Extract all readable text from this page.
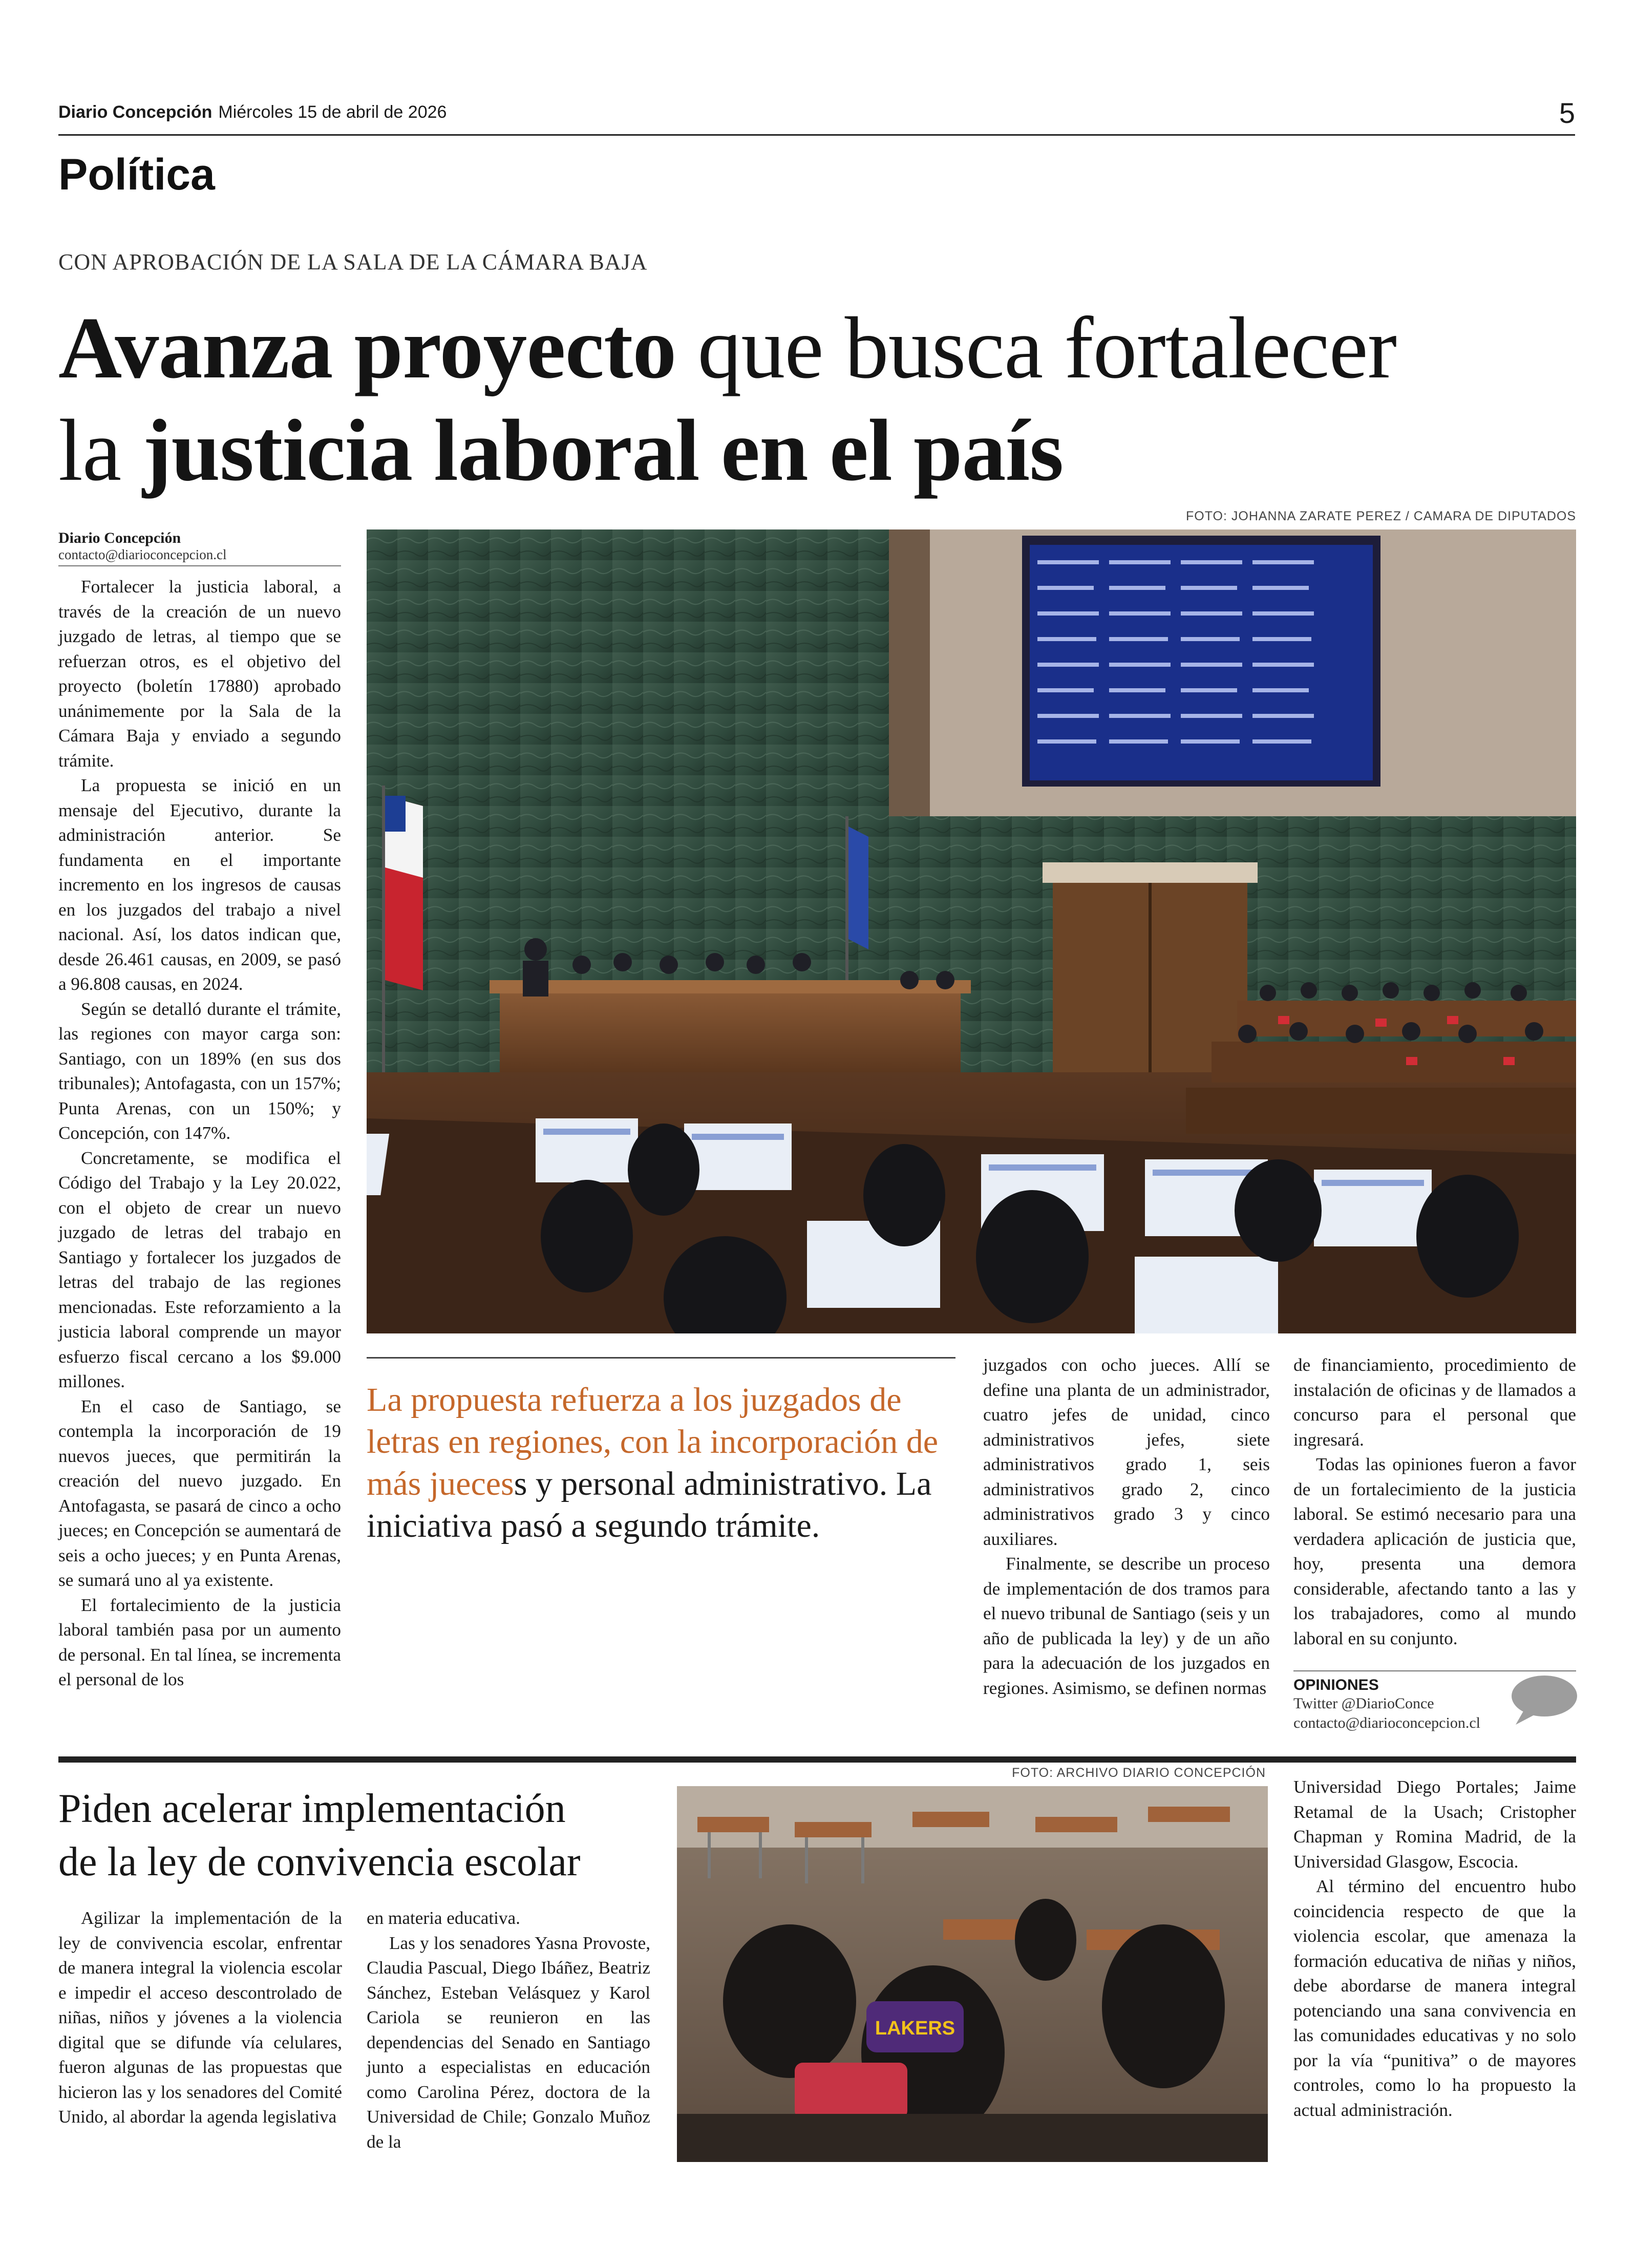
Diario Concepción Miércoles 15 de abril de 2026	5
Política
CON APROBACIÓN DE LA SALA DE LA CÁMARA BAJA
Avanza proyecto que busca fortalecer
la justicia laboral en el país
Diario Concepción
contacto@diarioconcepcion.cl

Fortalecer la justicia laboral, a través de la creación de un nuevo juzgado de letras, al tiempo que se refuerzan otros, es el objetivo del proyecto (boletín 17880) aprobado unánimemente por la Sala de la Cámara Baja y enviado a segundo trámite.

La propuesta se inició en un mensaje del Ejecutivo, durante la administración anterior. Se fundamenta en el importante incremento en los ingresos de causas en los juzgados del trabajo a nivel nacional. Así, los datos indican que, desde 26.461 causas, en 2009, se pasó a 96.808 causas, en 2024.

Según se detalló durante el trámite, las regiones con mayor carga son: Santiago, con un 189% (en sus dos tribunales); Antofagasta, con un 157%; Punta Arenas, con un 150%; y Concepción, con 147%.

Concretamente, se modifica el Código del Trabajo y la Ley 20.022, con el objeto de crear un nuevo juzgado de letras del trabajo en Santiago y fortalecer los juzgados de letras del trabajo de las regiones mencionadas. Este reforzamiento a la justicia laboral comprende un mayor esfuerzo fiscal cercano a los $9.000 millones.

En el caso de Santiago, se contempla la incorporación de 19 nuevos jueces, que permitirán la creación del nuevo juzgado. En Antofagasta, se pasará de cinco a ocho jueces; en Concepción se aumentará de seis a ocho jueces; y en Punta Arenas, se sumará uno al ya existente.

El fortalecimiento de la justicia laboral también pasa por un aumento de personal. En tal línea, se incrementa el personal de los

FOTO: JOHANNA ZARATE PEREZ / CAMARA DE DIPUTADOS
La propuesta refuerza a los juzgados de letras en regiones, con la incorporación de más juecess y personal administrativo. La iniciativa pasó a segundo trámite.

juzgados con ocho jueces. Allí se define una planta de un administrador, cuatro jefes de unidad, cinco administrativos jefes, siete administrativos grado 1, seis administrativos grado 2, cinco administrativos grado 3 y cinco auxiliares.

Finalmente, se describe un proceso de implementación de dos tramos para el nuevo tribunal de Santiago (seis y un año de publicada la ley) y de un año para la adecuación de los juzgados en regiones. Asimismo, se definen normas

de financiamiento, procedimiento de instalación de oficinas y de llamados a concurso para el personal que ingresará.

Todas las opiniones fueron a favor de un fortalecimiento de la justicia laboral. Se estimó necesario para una verdadera aplicación de justicia que, hoy, presenta una demora considerable, afectando tanto a las y los trabajadores, como al mundo laboral en su conjunto.

OPINIONES
Twitter @DiarioConce
contacto@diarioconcepcion.cl
FOTO: ARCHIVO DIARIO CONCEPCIÓN
Piden acelerar implementación
de la ley de convivencia escolar

Agilizar la implementación de la ley de convivencia escolar, enfrentar de manera integral la violencia escolar e impedir el acceso descontrolado de niñas, niños y jóvenes a la violencia digital que se difunde vía celulares, fueron algunas de las propuestas que hicieron las y los senadores del Comité Unido, al abordar la agenda legislativa

en materia educativa.

Las y los senadores Yasna Provoste, Claudia Pascual, Diego Ibáñez, Beatriz Sánchez, Esteban Velásquez y Karol Cariola se reunieron en las dependencias del Senado en Santiago junto a especialistas en educación como Carolina Pérez, doctora de la Universidad de Chile; Gonzalo Muñoz de la

LAKERS

Universidad Diego Portales; Jaime Retamal de la Usach; Cristopher Chapman y Romina Madrid, de la Universidad Glasgow, Escocia.

Al término del encuentro hubo coincidencia respecto de que la violencia escolar, que amenaza la formación educativa de niñas y niños, debe abordarse de manera integral potenciando una sana convivencia en las comunidades educativas y no solo por la vía “punitiva” o de mayores controles, como lo ha propuesto la actual administración.
